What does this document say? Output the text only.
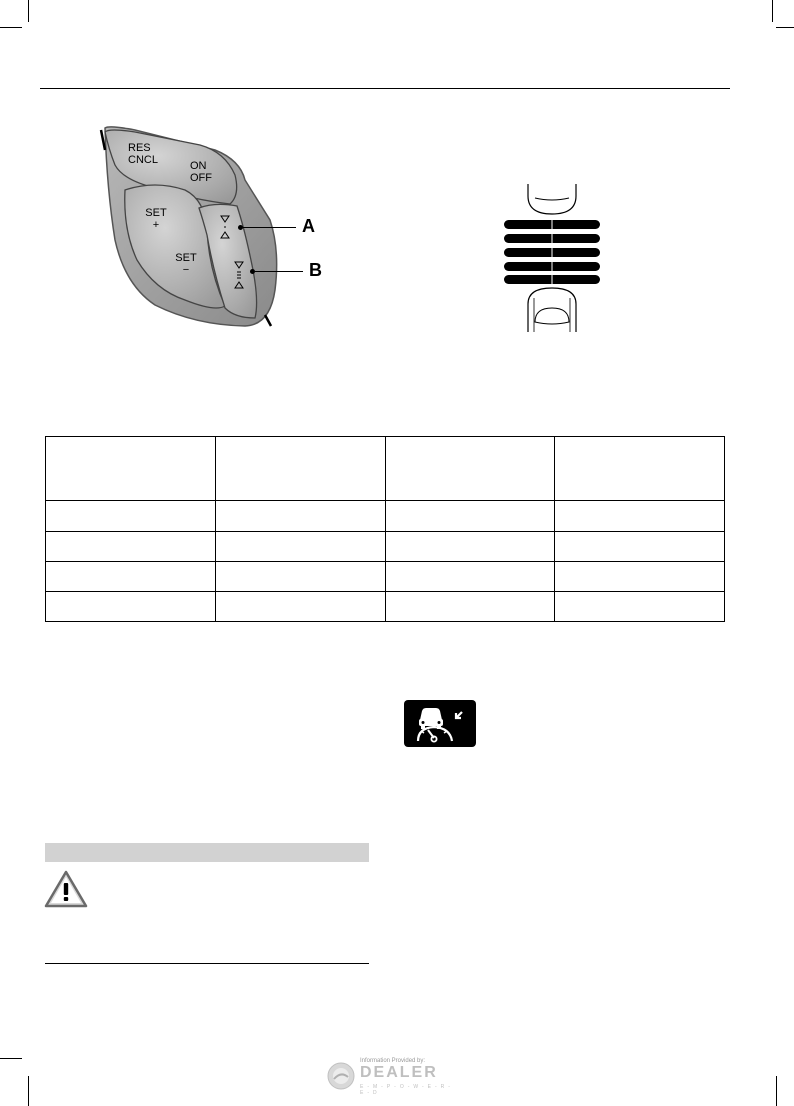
RES
CNCL	ON
OFF
SET
+
SET
−
A
B

Information Provided by:
DEALER
E-M-P-O-W-E-R-E-D
